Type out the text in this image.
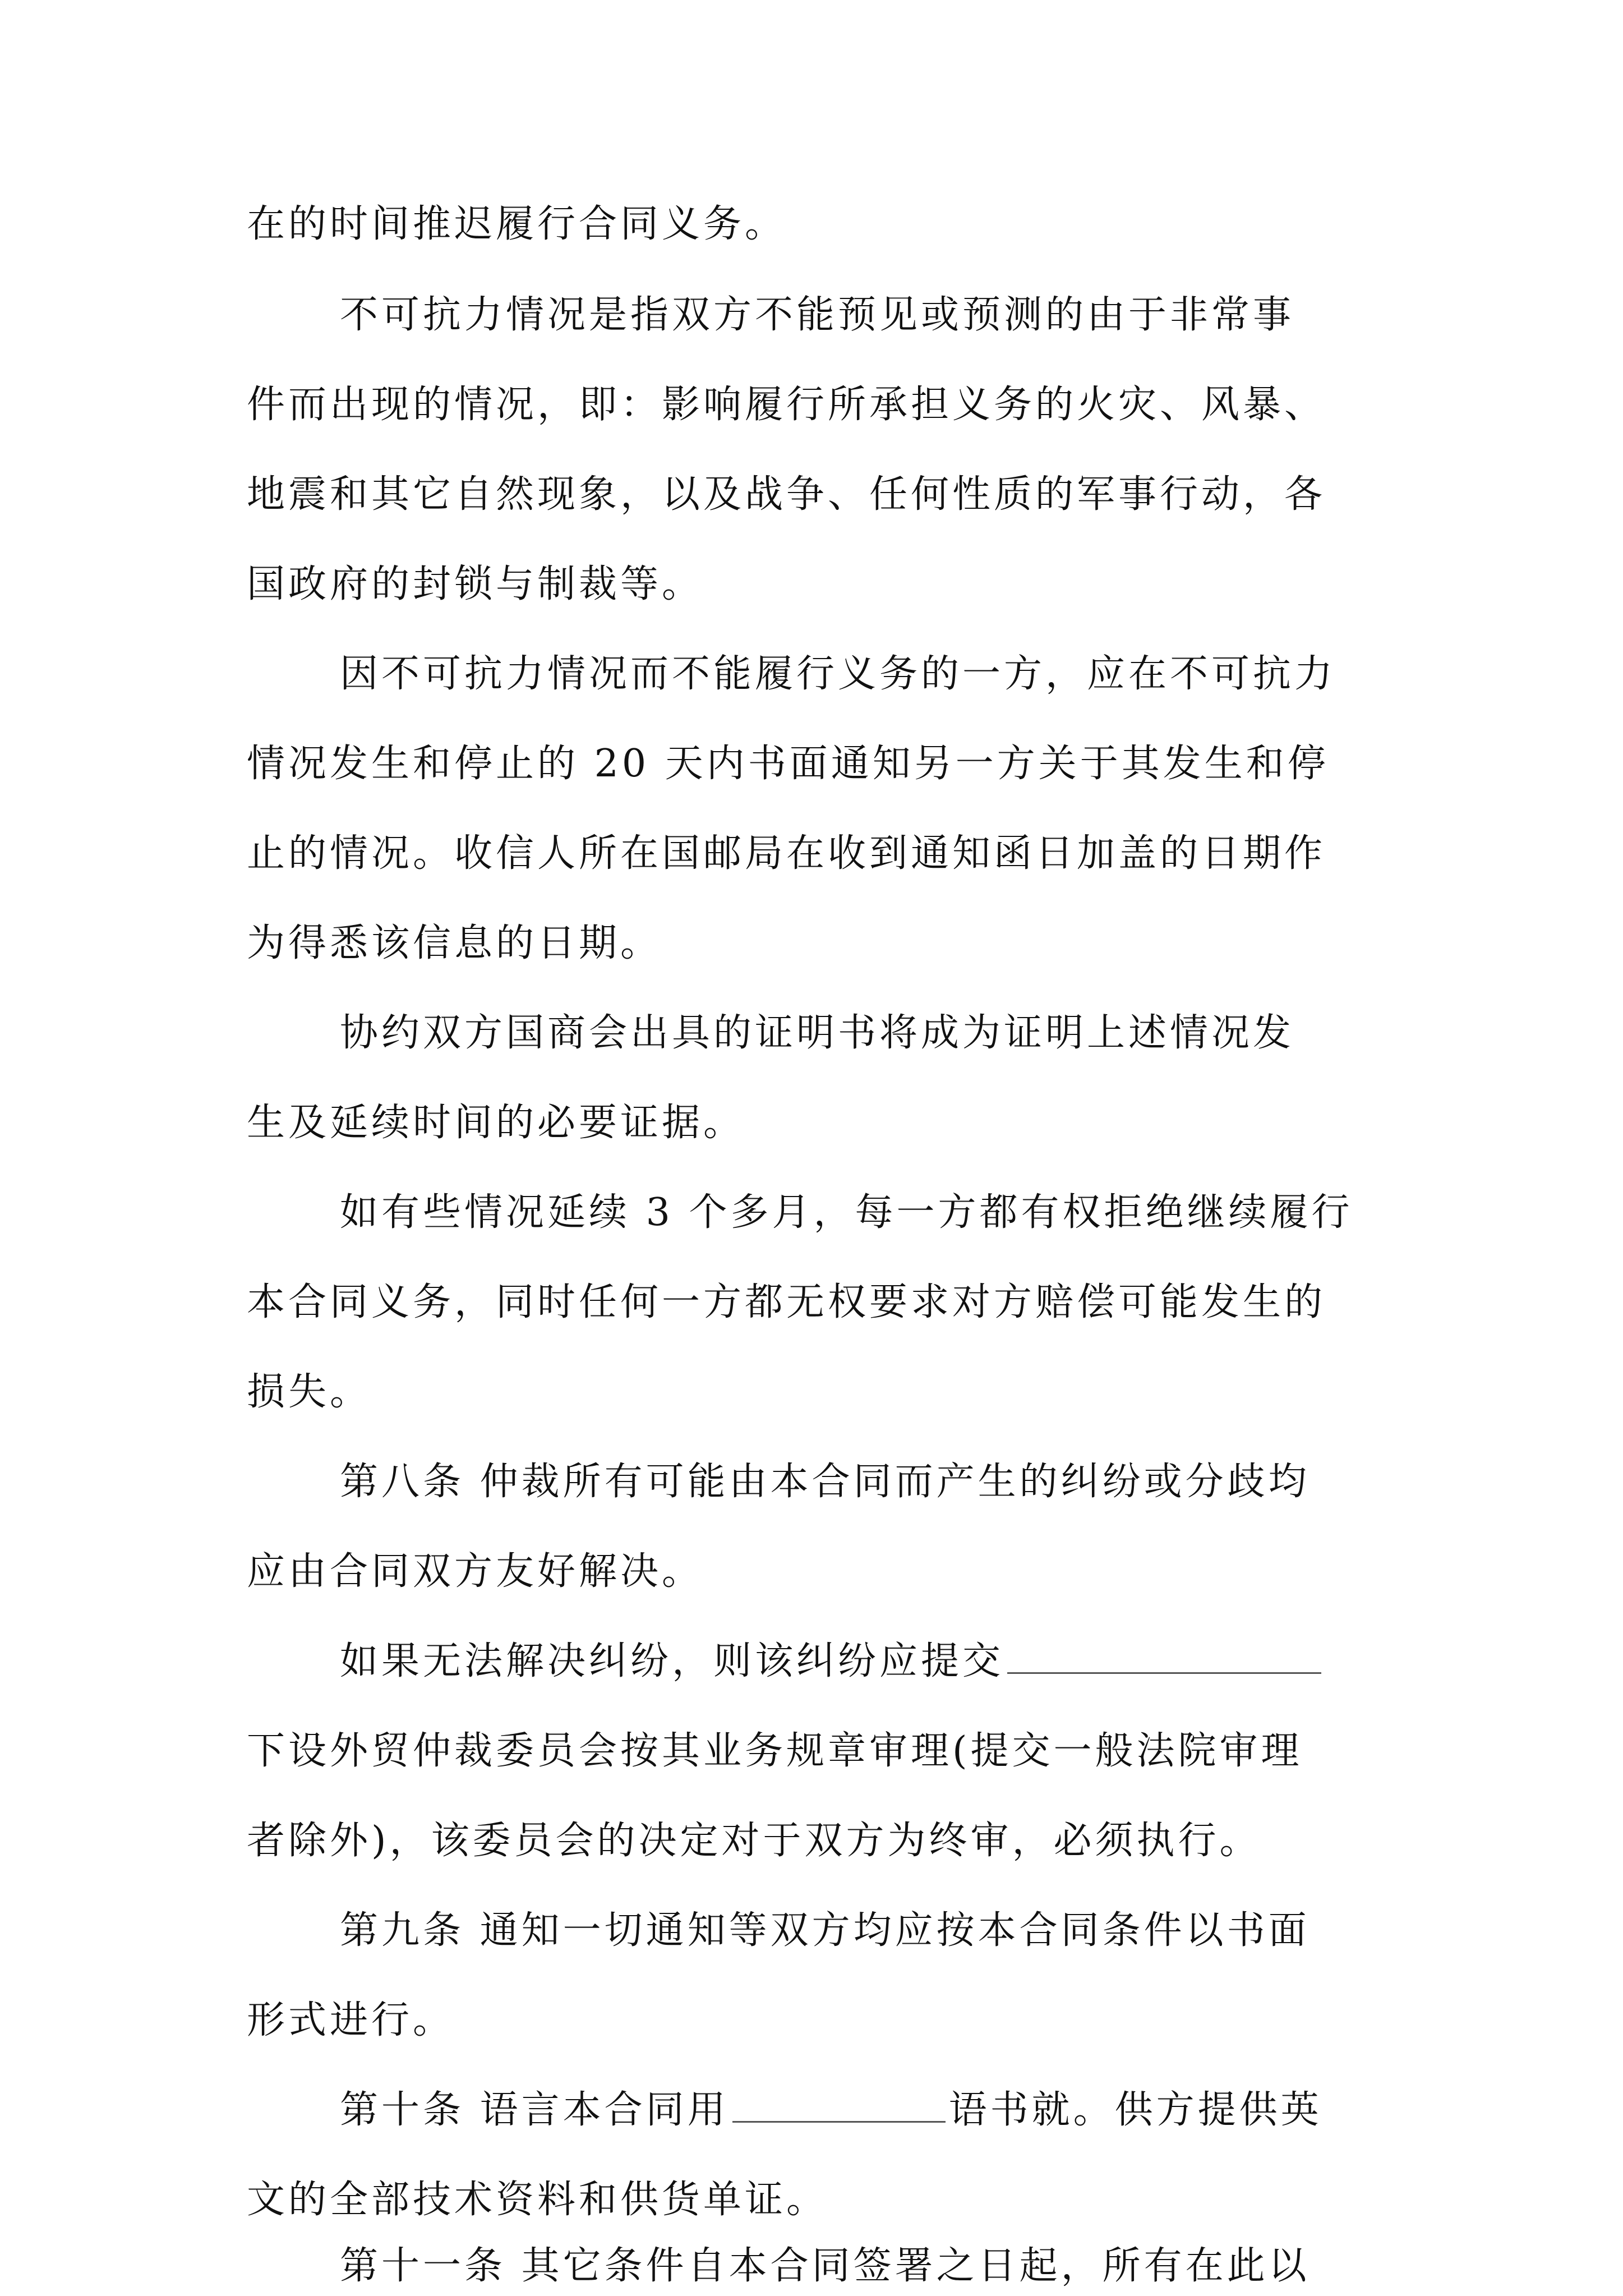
在的时间推迟履行合同义务。
不可抗力情况是指双方不能预见或预测的由于非常事
件而出现的情况，即：影响履行所承担义务的火灾、风暴、
地震和其它自然现象，以及战争、任何性质的军事行动，各
国政府的封锁与制裁等。
因不可抗力情况而不能履行义务的一方，应在不可抗力
情况发生和停止的 20 天内书面通知另一方关于其发生和停
止的情况。收信人所在国邮局在收到通知函日加盖的日期作
为得悉该信息的日期。
协约双方国商会出具的证明书将成为证明上述情况发
生及延续时间的必要证据。
如有些情况延续 3 个多月，每一方都有权拒绝继续履行
本合同义务，同时任何一方都无权要求对方赔偿可能发生的
损失。
第八条 仲裁所有可能由本合同而产生的纠纷或分歧均
应由合同双方友好解决。
如果无法解决纠纷，则该纠纷应提交
下设外贸仲裁委员会按其业务规章审理(提交一般法院审理
者除外)，该委员会的决定对于双方为终审，必须执行。
第九条 通知一切通知等双方均应按本合同条件以书面
形式进行。
第十条 语言本合同用	语书就。供方提供英
文的全部技术资料和供货单证。
第十一条 其它条件自本合同签署之日起，所有在此以
